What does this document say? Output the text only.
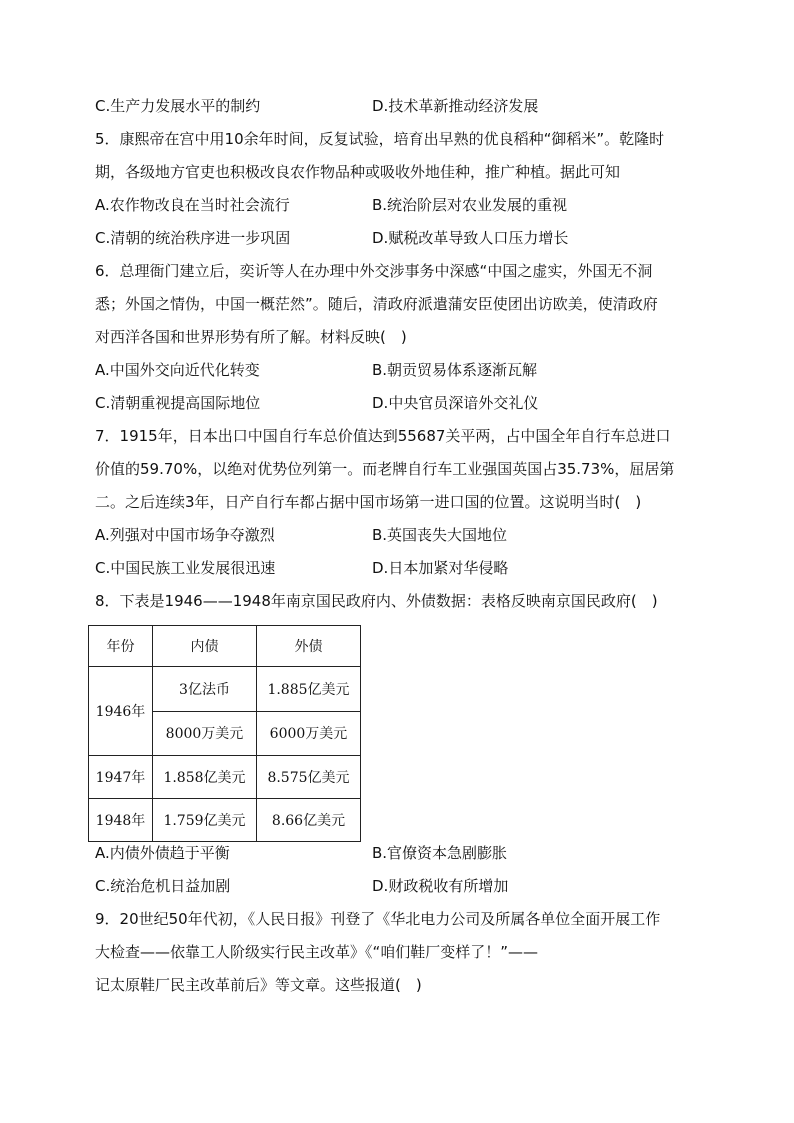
C.生产力发展水平的制约	D.技术革新推动经济发展
5．康熙帝在宫中用10余年时间，反复试验，培育出早熟的优良稻种“御稻米”。乾隆时
期，各级地方官吏也积极改良农作物品种或吸收外地佳种，推广种植。据此可知
A.农作物改良在当时社会流行	B.统治阶层对农业发展的重视
C.清朝的统治秩序进一步巩固	D.赋税改革导致人口压力增长
6．总理衙门建立后，奕䜣等人在办理中外交涉事务中深感“中国之虚实，外国无不洞
悉；外国之情伪，中国一概茫然”。随后，清政府派遣蒲安臣使团出访欧美，使清政府
对西洋各国和世界形势有所了解。材料反映(　)
A.中国外交向近代化转变	B.朝贡贸易体系逐渐瓦解
C.清朝重视提高国际地位	D.中央官员深谙外交礼仪
7．1915年，日本出口中国自行车总价值达到55687关平两，占中国全年自行车总进口
价值的59.70%，以绝对优势位列第一。而老牌自行车工业强国英国占35.73%，屈居第
二。之后连续3年，日产自行车都占据中国市场第一进口国的位置。这说明当时(　)
A.列强对中国市场争夺激烈	B.英国丧失大国地位
C.中国民族工业发展很迅速	D.日本加紧对华侵略
8．下表是1946——1948年南京国民政府内、外债数据：表格反映南京国民政府(　)
年份	内债	外债
1946年	3亿法币	1.885亿美元
	8000万美元	6000万美元
1947年	1.858亿美元	8.575亿美元
1948年	1.759亿美元	8.66亿美元
A.内债外债趋于平衡	B.官僚资本急剧膨胀
C.统治危机日益加剧	D.财政税收有所增加
9．20世纪50年代初，《人民日报》刊登了《华北电力公司及所属各单位全面开展工作
大检查——依靠工人阶级实行民主改革》《“咱们鞋厂变样了！”——
记太原鞋厂民主改革前后》等文章。这些报道(　)
